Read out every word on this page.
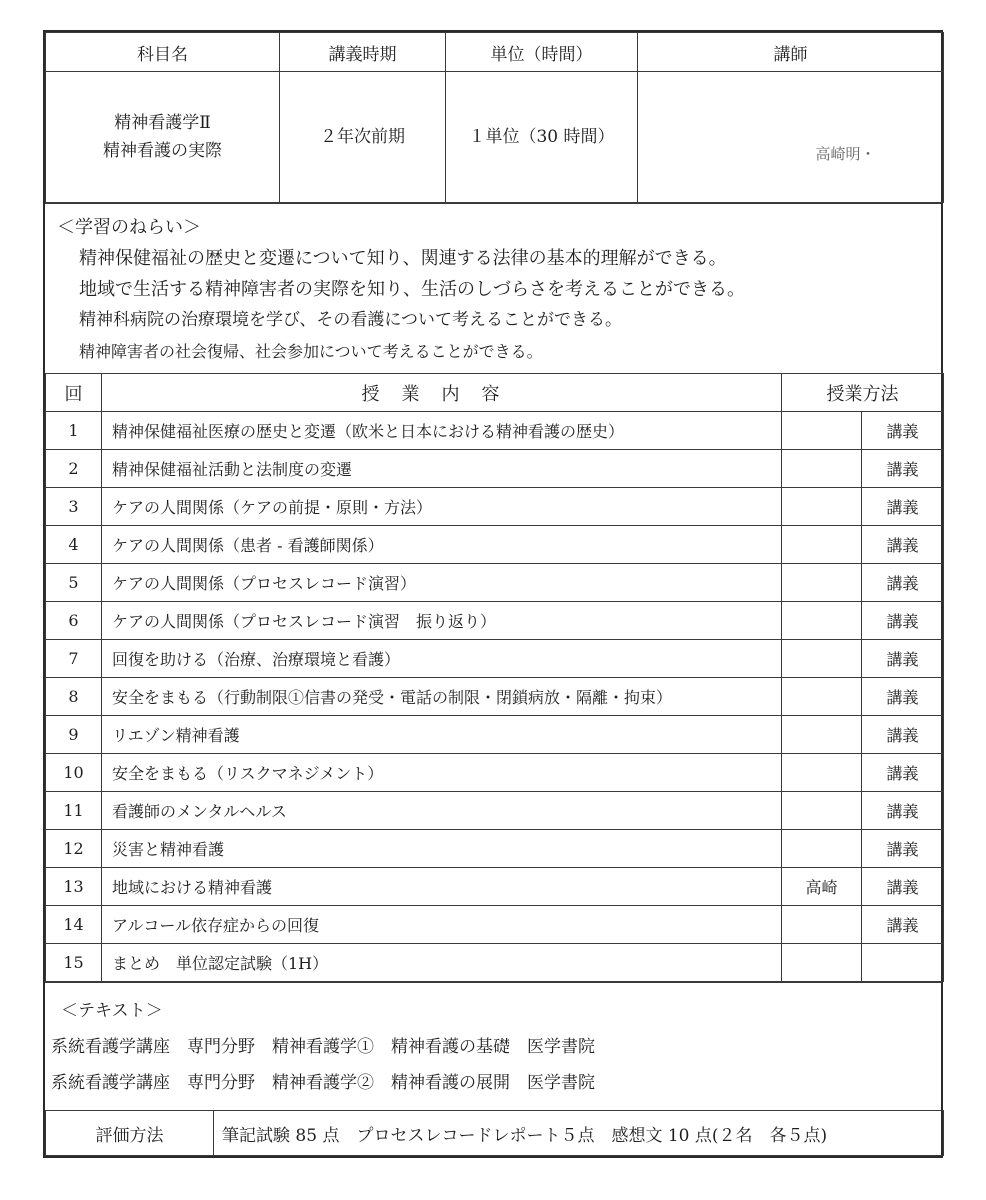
科目名	講義時期	単位（時間）	講師

精神看護学Ⅱ
精神看護の実際	２年次前期	１単位（30 時間）	高崎明・
＜学習のねらい＞
精神保健福祉の歴史と変遷について知り、関連する法律の基本的理解ができる。
地域で生活する精神障害者の実際を知り、生活のしづらさを考えることができる。
精神科病院の治療環境を学び、その看護について考えることができる。
精神障害者の社会復帰、社会参加について考えることができる。
回	授業内容	授業方法	
1	精神保健福祉医療の歴史と変遷（欧米と日本における精神看護の歴史）		講義
2	精神保健福祉活動と法制度の変遷		講義
3	ケアの人間関係（ケアの前提・原則・方法）		講義
4	ケアの人間関係（患者 - 看護師関係）		講義
5	ケアの人間関係（プロセスレコード演習）		講義
6	ケアの人間関係（プロセスレコード演習　振り返り）		講義
7	回復を助ける（治療、治療環境と看護）		講義
8	安全をまもる（行動制限①信書の発受・電話の制限・閉鎖病放・隔離・拘束）		講義
9	リエゾン精神看護		講義
10	安全をまもる（リスクマネジメント）		講義
11	看護師のメンタルヘルス		講義
12	災害と精神看護		講義
13	地域における精神看護	高崎	講義
14	アルコール依存症からの回復		講義
15	まとめ　単位認定試験（1H）		
＜テキスト＞
系統看護学講座　専門分野　精神看護学①　精神看護の基礎　医学書院
系統看護学講座　専門分野　精神看護学②　精神看護の展開　医学書院
評価方法	筆記試験 85 点　プロセスレコードレポート５点　感想文 10 点(２名　各５点)
